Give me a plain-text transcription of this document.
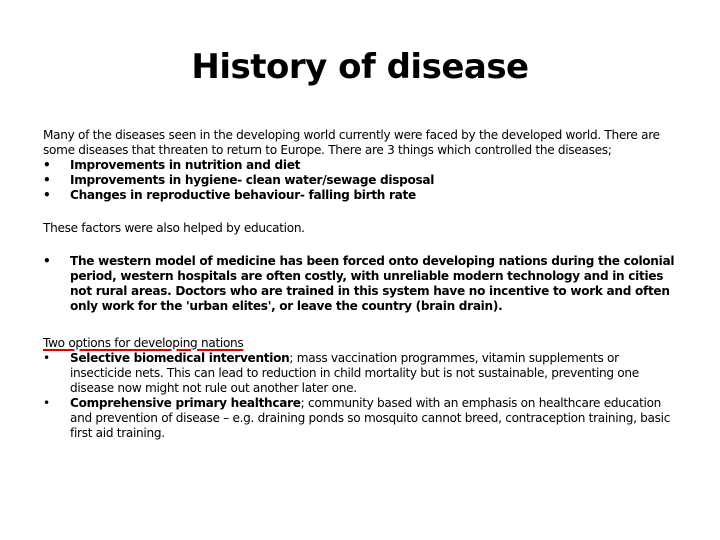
History of disease

Many of the diseases seen in the developing world currently were faced by the developed world. There are some diseases that threaten to return to Europe. There are 3 things which controlled the diseases;

• Improvements in nutrition and diet
• Improvements in hygiene- clean water/sewage disposal
• Changes in reproductive behaviour- falling birth rate

These factors were also helped by education.

• The western model of medicine has been forced onto developing nations during the colonial period, western hospitals are often costly, with unreliable modern technology and in cities not rural areas. Doctors who are trained in this system have no incentive to work and often only work for the 'urban elites', or leave the country (brain drain).

Two options for developing nations

• Selective biomedical intervention; mass vaccination programmes, vitamin supplements or insecticide nets. This can lead to reduction in child mortality but is not sustainable, preventing one disease now might not rule out another later one.
• Comprehensive primary healthcare; community based with an emphasis on healthcare education and prevention of disease – e.g. draining ponds so mosquito cannot breed, contraception training, basic first aid training.
